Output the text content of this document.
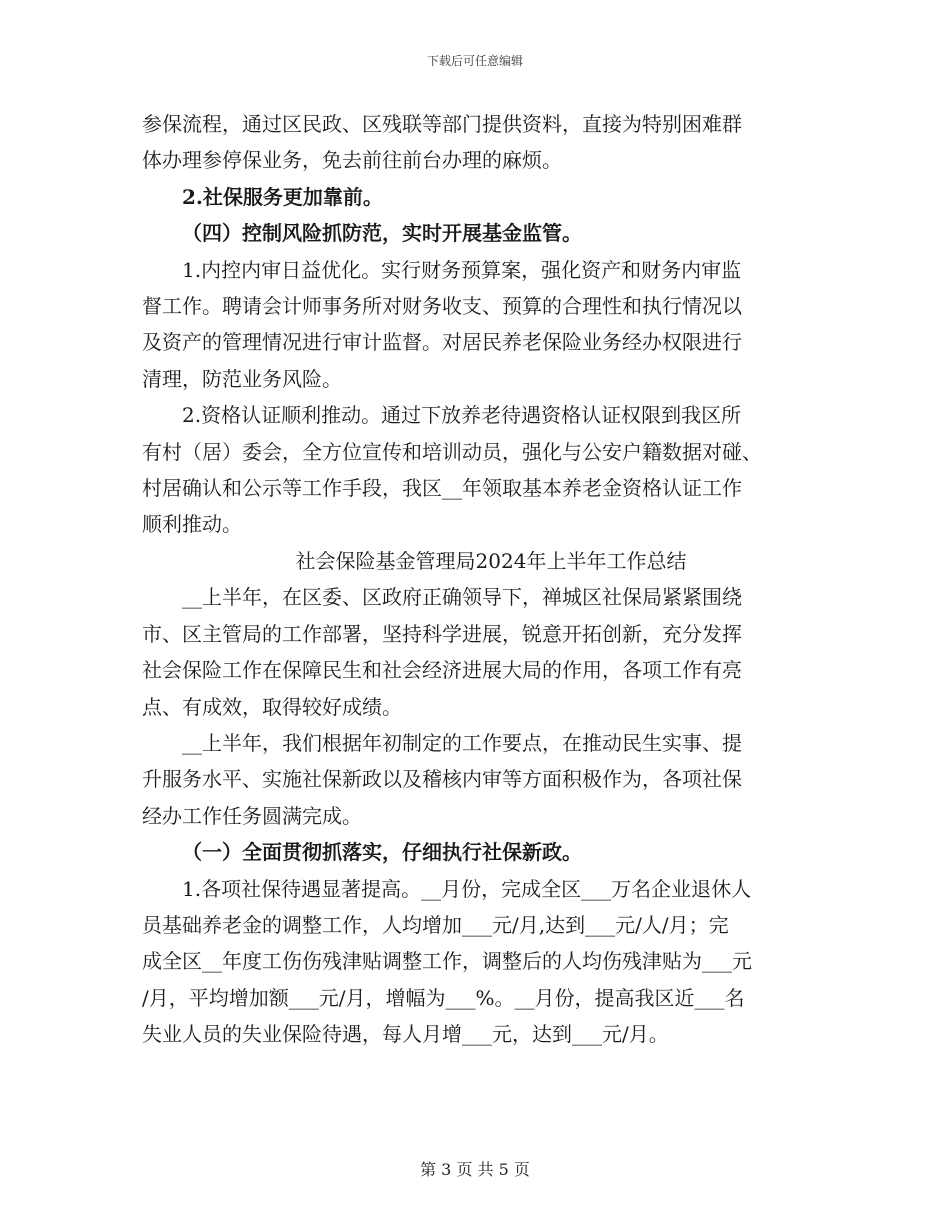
下载后可任意编辑
参保流程，通过区民政、区残联等部门提供资料，直接为特别困难群
体办理参停保业务，免去前往前台办理的麻烦。
2.社保服务更加靠前。
（四）控制风险抓防范，实时开展基金监管。
1.内控内审日益优化。实行财务预算案，强化资产和财务内审监
督工作。聘请会计师事务所对财务收支、预算的合理性和执行情况以
及资产的管理情况进行审计监督。对居民养老保险业务经办权限进行
清理，防范业务风险。
2.资格认证顺利推动。通过下放养老待遇资格认证权限到我区所
有村（居）委会，全方位宣传和培训动员，强化与公安户籍数据对碰、
村居确认和公示等工作手段，我区__年领取基本养老金资格认证工作
顺利推动。
社会保险基金管理局2024年上半年工作总结
__上半年，在区委、区政府正确领导下，禅城区社保局紧紧围绕
市、区主管局的工作部署，坚持科学进展，锐意开拓创新，充分发挥
社会保险工作在保障民生和社会经济进展大局的作用，各项工作有亮
点、有成效，取得较好成绩。
__上半年，我们根据年初制定的工作要点，在推动民生实事、提
升服务水平、实施社保新政以及稽核内审等方面积极作为，各项社保
经办工作任务圆满完成。
（一）全面贯彻抓落实，仔细执行社保新政。
1.各项社保待遇显著提高。__月份，完成全区___万名企业退休人
员基础养老金的调整工作，人均增加___元/月,达到___元/人/月；完
成全区__年度工伤伤残津贴调整工作，调整后的人均伤残津贴为___元
/月，平均增加额___元/月，增幅为___%。__月份，提高我区近___名
失业人员的失业保险待遇，每人月增___元，达到___元/月。
第 3 页 共 5 页
